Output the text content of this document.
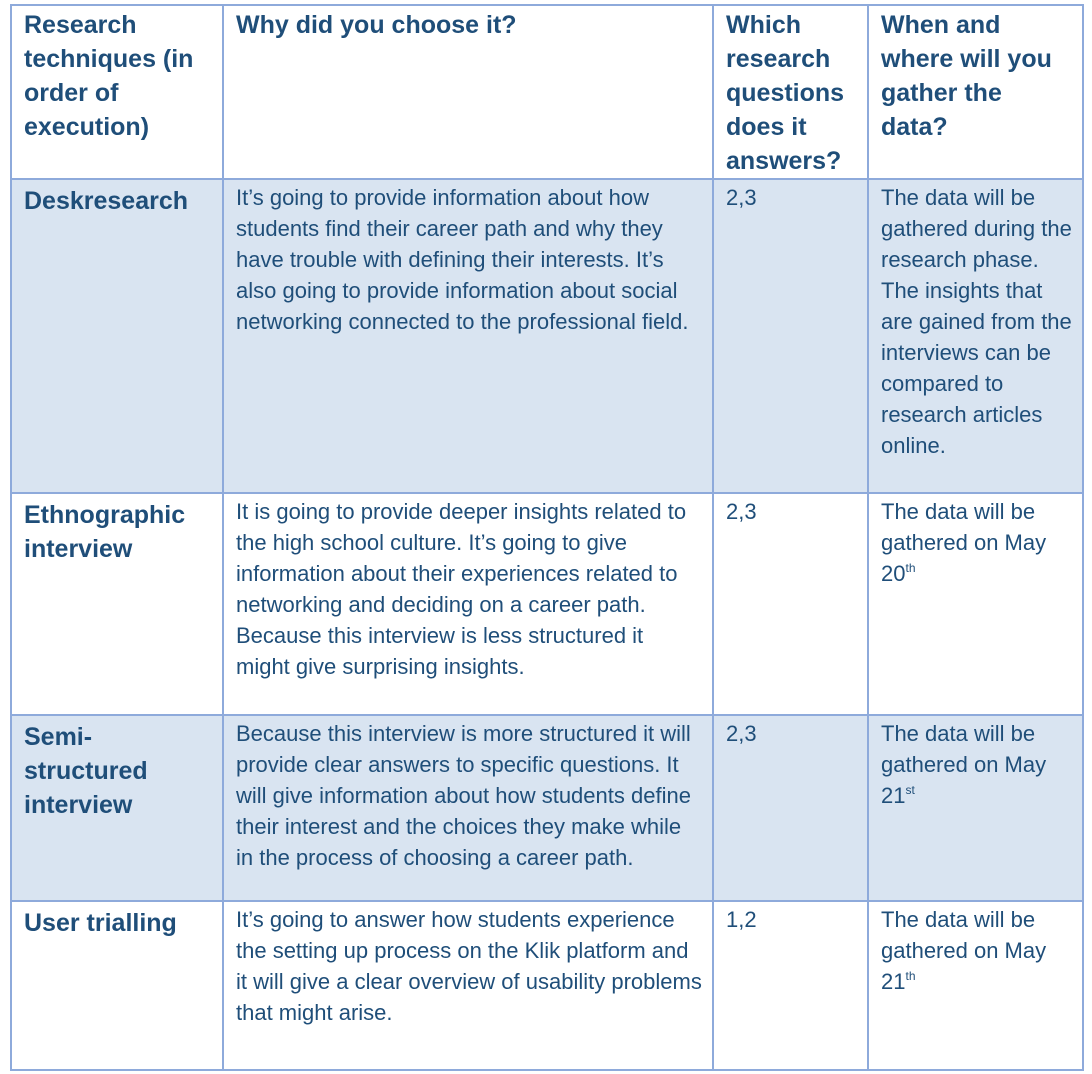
Research techniques (in order of execution)	Why did you choose it?	Which research questions does it answers?	When and where will you gather the data?
Deskresearch	It’s going to provide information about how students find their career path and why they have trouble with defining their interests. It’s also going to provide information about social networking connected to the professional field.	2,3	The data will be gathered during the research phase. The insights that are gained from the interviews can be compared to research articles online.
Ethnographic interview	It is going to provide deeper insights related to the high school culture. It’s going to give information about their experiences related to networking and deciding on a career path. Because this interview is less structured it might give surprising insights.	2,3	The data will be gathered on May 20th
Semi-structured interview	Because this interview is more structured it will provide clear answers to specific questions. It will give information about how students define their interest and the choices they make while in the process of choosing a career path.	2,3	The data will be gathered on May 21st
User trialling	It’s going to answer how students experience the setting up process on the Klik platform and it will give a clear overview of usability problems that might arise.	1,2	The data will be gathered on May 21th
